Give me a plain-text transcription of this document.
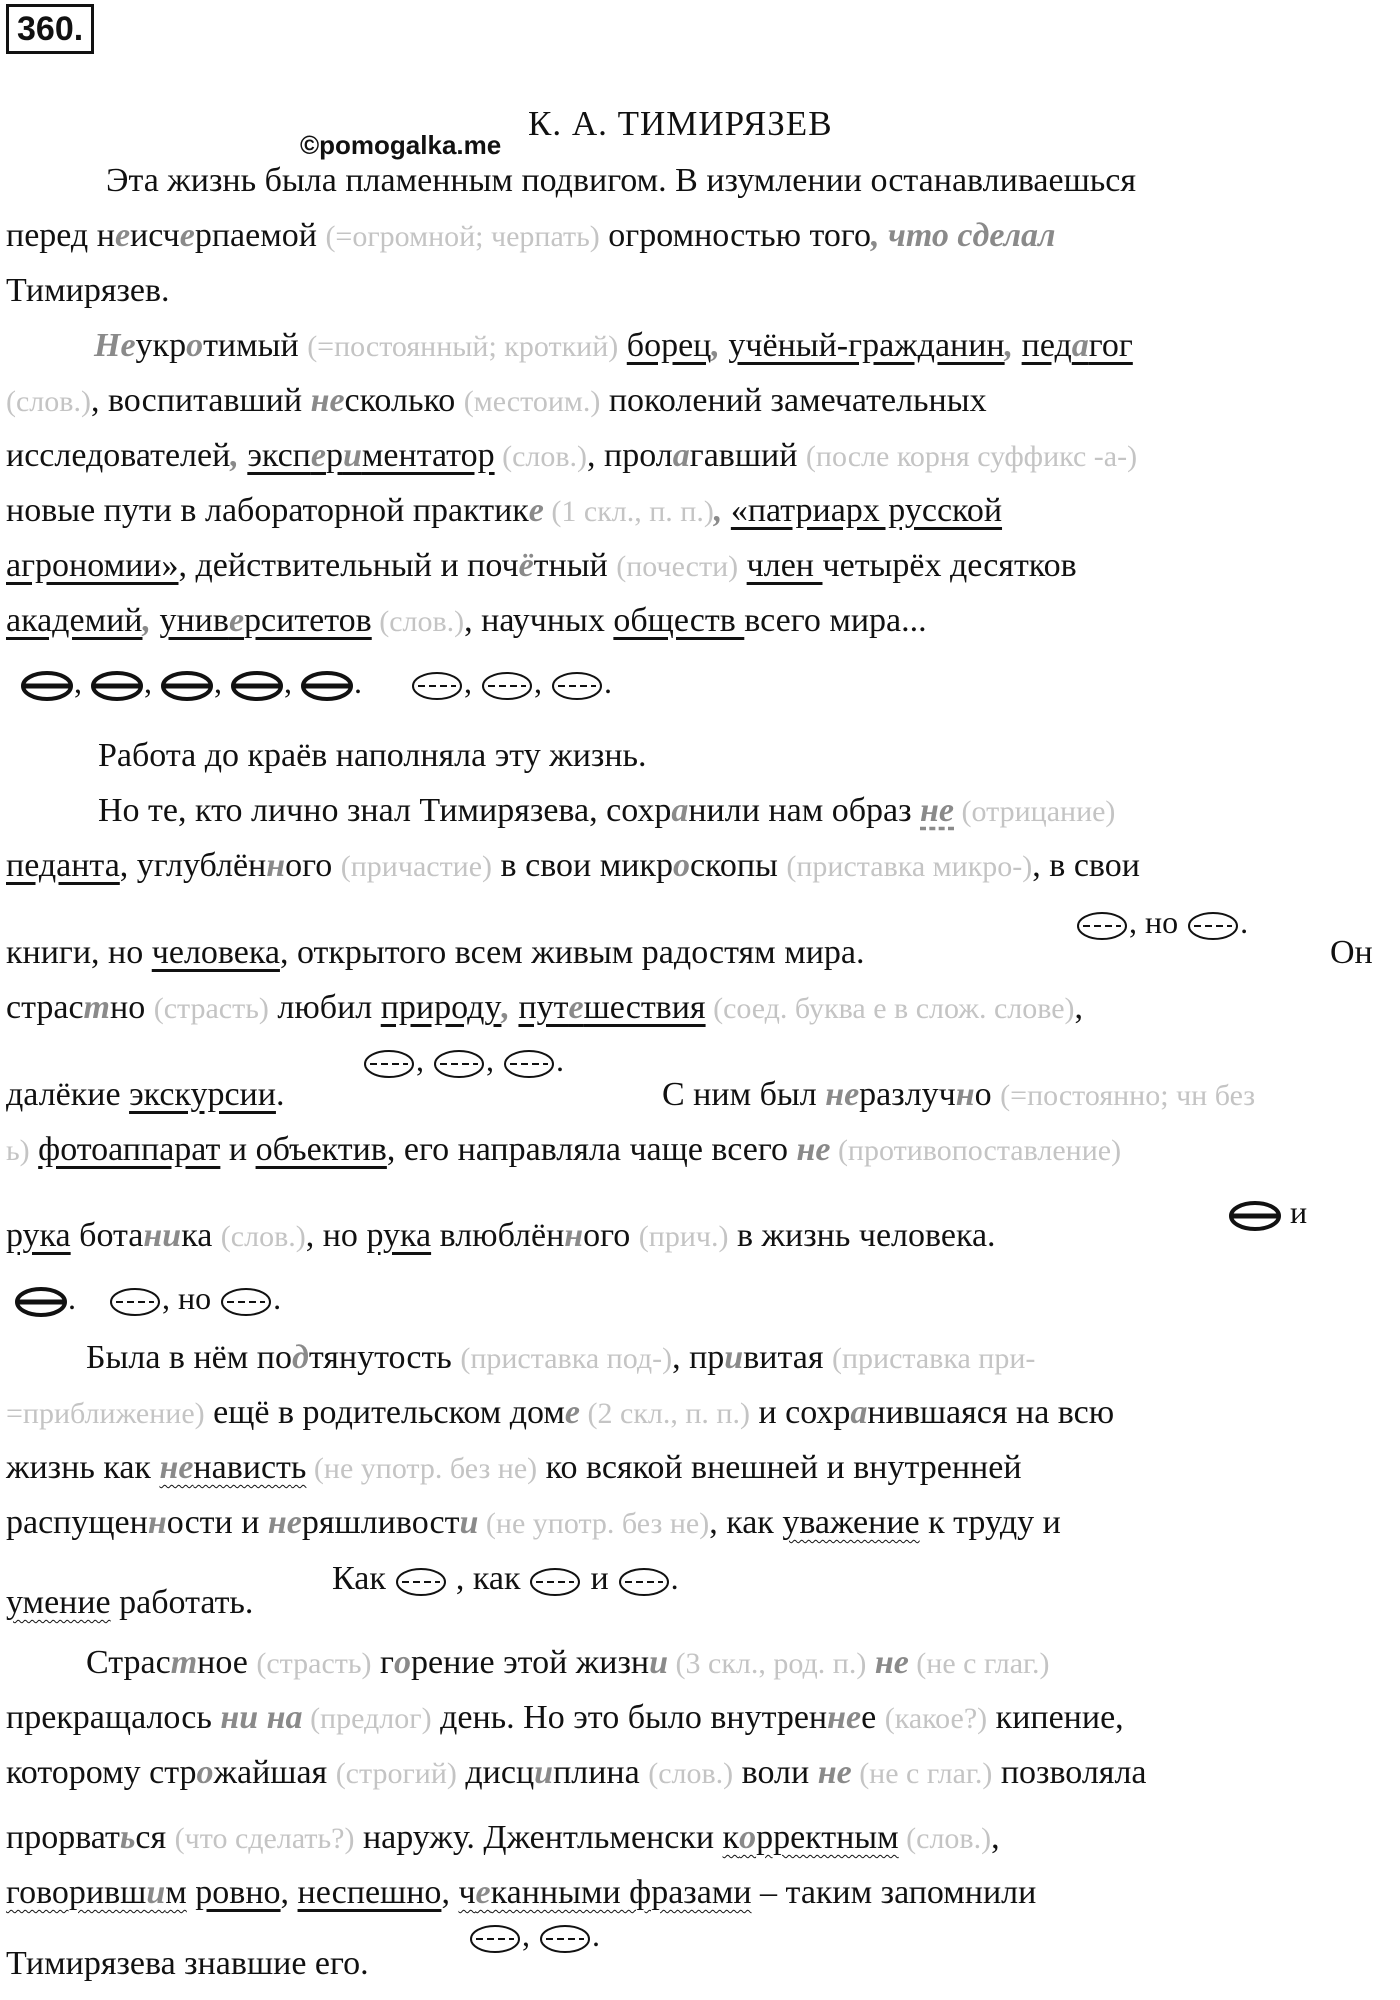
360.
©pomogalka.me
К. А. ТИМИРЯЗЕВ
Эта жизнь была пламенным подвигом. В изумлении останавливаешься
перед неисчерпаемой (=огромной; черпать) огромностью того, что сделал
Тимирязев.
Неукротимый (=постоянный; кроткий) борец, учёный-гражданин, педагог
(слов.), воспитавший несколько (местоим.) поколений замечательных
исследователей, экспериментатор (слов.), пролагавший (после корня суффикс -а-)
новые пути в лабораторной практике (1 скл., п. п.), «патриарх русской
агрономии», действительный и почётный (почести) член четырёх десятков
академий, университетов (слов.), научных обществ всего мира...
, , , , .      , , .
Работа до краёв наполняла эту жизнь.
Но те, кто лично знал Тимирязева, сохранили нам образ не (отрицание)
педанта, углублённого (причастие) в свои микроскопы (приставка микро-), в свои
книги, но человека, открытого всем живым радостям мира.
, но .
Он
страстно (страсть) любил природу, путешествия (соед. буква е в слож. слове),
далёкие экскурсии.
, , .
С ним был неразлучно (=постоянно; чн без
ь) фотоаппарат и объектив, его направляла чаще всего не (противопоставление)
рука ботаника (слов.), но рука влюблённого (прич.) в жизнь человека.
и
.    , но .
Была в нём подтянутость (приставка под-), привитая (приставка при-
=приближение) ещё в родительском доме (2 скл., п. п.) и сохранившаяся на всю
жизнь как ненависть (не употр. без не) ко всякой внешней и внутренней
распущенности и неряшливости (не употр. без не), как уважение к труду и
умение работать.
Как , как и .
Страстное (страсть) горение этой жизни (3 скл., род. п.) не (не с глаг.)
прекращалось ни на (предлог) день. Но это было внутреннее (какое?) кипение,
которому строжайшая (строгий) дисциплина (слов.) воли не (не с глаг.) позволяла
прорваться (что сделать?) наружу. Джентльменски корректным (слов.),
говорившим ровно, неспешно, чеканными фразами – таким запомнили
Тимирязева знавшие его.
, .
